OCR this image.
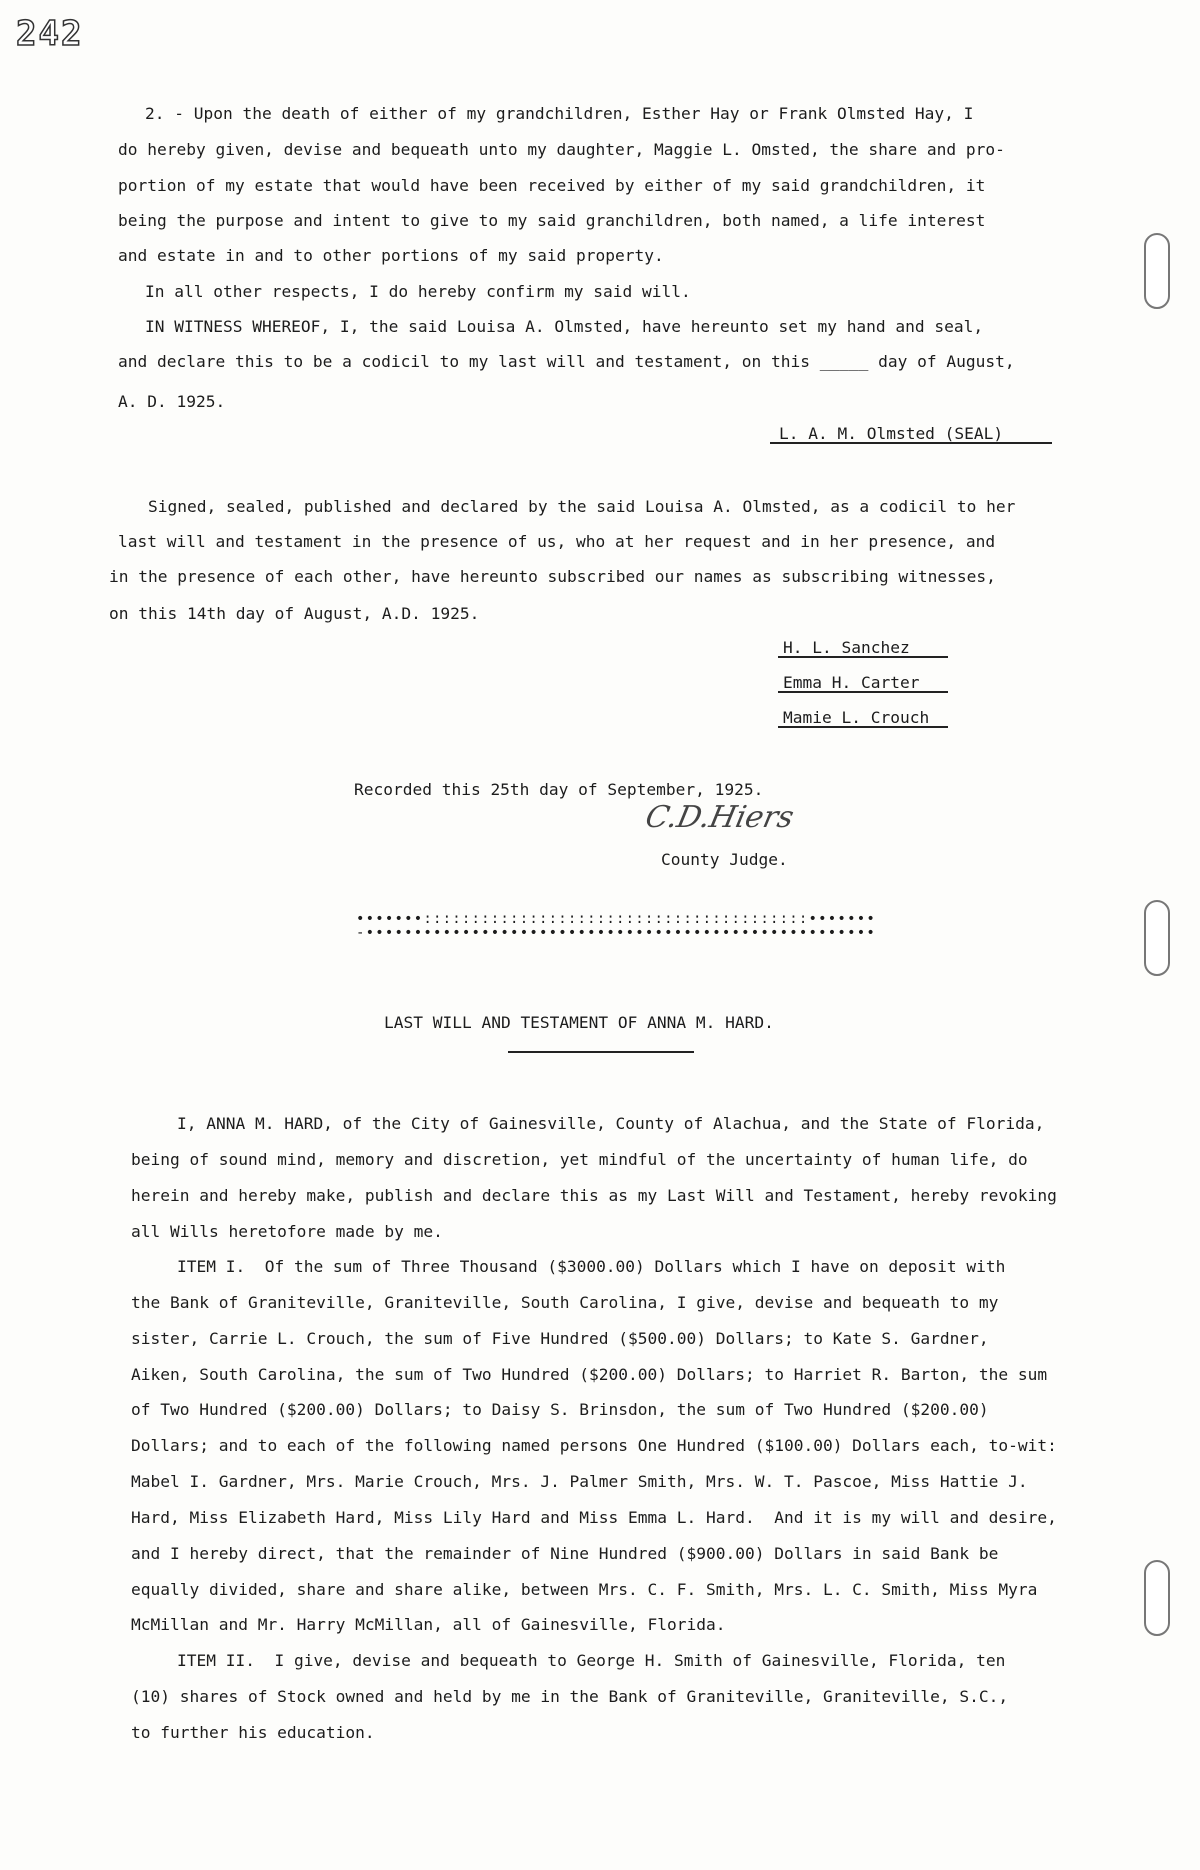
242
2. - Upon the death of either of my grandchildren, Esther Hay or Frank Olmsted Hay, I
do hereby given, devise and bequeath unto my daughter, Maggie L. Omsted, the share and pro-
portion of my estate that would have been received by either of my said grandchildren, it
being the purpose and intent to give to my said granchildren, both named, a life interest
and estate in and to other portions of my said property.
In all other respects, I do hereby confirm my said will.
IN WITNESS WHEREOF, I, the said Louisa A. Olmsted, have hereunto set my hand and seal,
and declare this to be a codicil to my last will and testament, on this _____ day of August,
A. D. 1925.
L. A. M. Olmsted (SEAL)
Signed, sealed, published and declared by the said Louisa A. Olmsted, as a codicil to her
last will and testament in the presence of us, who at her request and in her presence, and
in the presence of each other, have hereunto subscribed our names as subscribing witnesses,
on this 14th day of August, A.D. 1925.
H. L. Sanchez
Emma H. Carter
Mamie L. Crouch
Recorded this 25th day of September, 1925.
C.D.Hiers
County Judge.
•••••••::::::::::::::::::::::::::::::::::::::::•••••••
-•••••••••••••••••••••••••••••••••••••••••••••••••••••
LAST WILL AND TESTAMENT OF ANNA M. HARD.
I, ANNA M. HARD, of the City of Gainesville, County of Alachua, and the State of Florida,
being of sound mind, memory and discretion, yet mindful of the uncertainty of human life, do
herein and hereby make, publish and declare this as my Last Will and Testament, hereby revoking
all Wills heretofore made by me.
ITEM I.  Of the sum of Three Thousand ($3000.00) Dollars which I have on deposit with
the Bank of Graniteville, Graniteville, South Carolina, I give, devise and bequeath to my
sister, Carrie L. Crouch, the sum of Five Hundred ($500.00) Dollars; to Kate S. Gardner,
Aiken, South Carolina, the sum of Two Hundred ($200.00) Dollars; to Harriet R. Barton, the sum
of Two Hundred ($200.00) Dollars; to Daisy S. Brinsdon, the sum of Two Hundred ($200.00)
Dollars; and to each of the following named persons One Hundred ($100.00) Dollars each, to-wit:
Mabel I. Gardner, Mrs. Marie Crouch, Mrs. J. Palmer Smith, Mrs. W. T. Pascoe, Miss Hattie J.
Hard, Miss Elizabeth Hard, Miss Lily Hard and Miss Emma L. Hard.  And it is my will and desire,
and I hereby direct, that the remainder of Nine Hundred ($900.00) Dollars in said Bank be
equally divided, share and share alike, between Mrs. C. F. Smith, Mrs. L. C. Smith, Miss Myra
McMillan and Mr. Harry McMillan, all of Gainesville, Florida.
ITEM II.  I give, devise and bequeath to George H. Smith of Gainesville, Florida, ten
(10) shares of Stock owned and held by me in the Bank of Graniteville, Graniteville, S.C.,
to further his education.
